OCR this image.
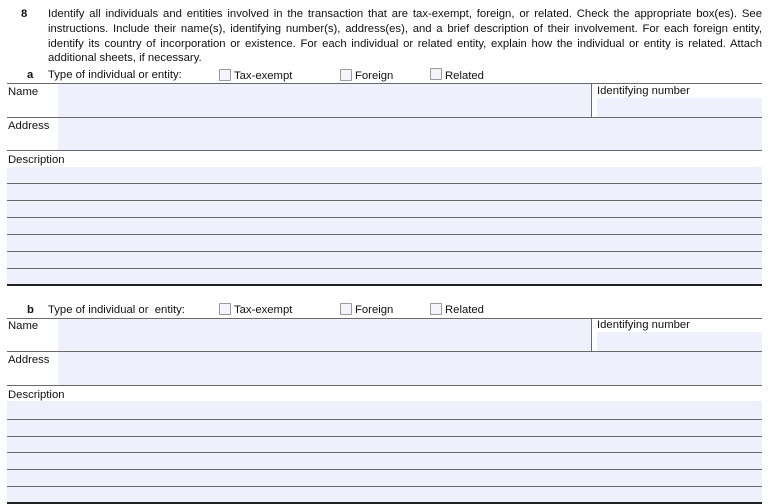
8 Identify all individuals and entities involved in the transaction that are tax-exempt, foreign, or related. Check the appropriate box(es). See
instructions. Include their name(s), identifying number(s), address(es), and a brief description of their involvement. For each foreign entity,
identify its country of incorporation or existence. For each individual or related entity, explain how the individual or entity is related. Attach
additional sheets, if necessary.
a Type of individual or entity:	Tax-exempt	Foreign	Related
Name	Identifying number
Address
Description
b Type of individual or  entity:	Tax-exempt	Foreign	Related
Name	Identifying number
Address
Description
